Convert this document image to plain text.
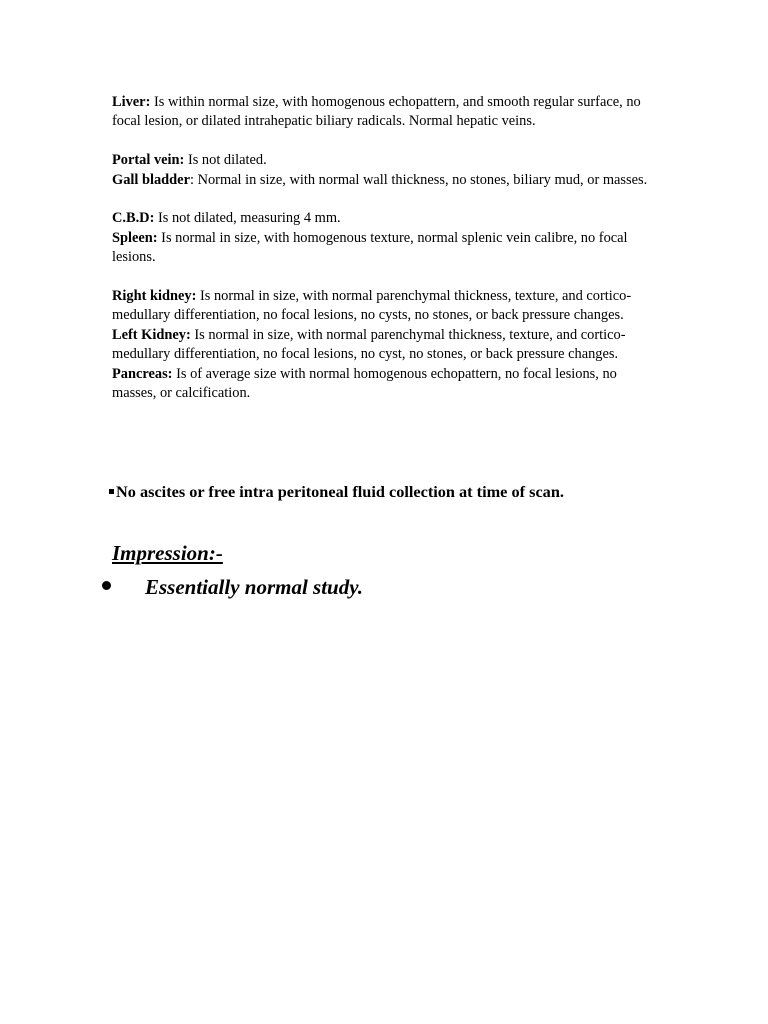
Liver: Is within normal size, with homogenous echopattern, and smooth regular surface, no focal lesion, or dilated intrahepatic biliary radicals. Normal hepatic veins.

Portal vein: Is not dilated.

Gall bladder: Normal in size, with normal wall thickness, no stones, biliary mud, or masses.

C.B.D: Is not dilated, measuring 4 mm.

Spleen: Is normal in size, with homogenous texture, normal splenic vein calibre, no focal lesions.

Right kidney: Is normal in size, with normal parenchymal thickness, texture, and cortico-medullary differentiation, no focal lesions, no cysts, no stones, or back pressure changes.

Left Kidney: Is normal in size, with normal parenchymal thickness, texture, and cortico-medullary differentiation, no focal lesions, no cyst, no stones, or back pressure changes.

Pancreas: Is of average size with normal homogenous echopattern, no focal lesions, no masses, or calcification.

No ascites or free intra peritoneal fluid collection at time of scan.
Impression:-
Essentially normal study.
